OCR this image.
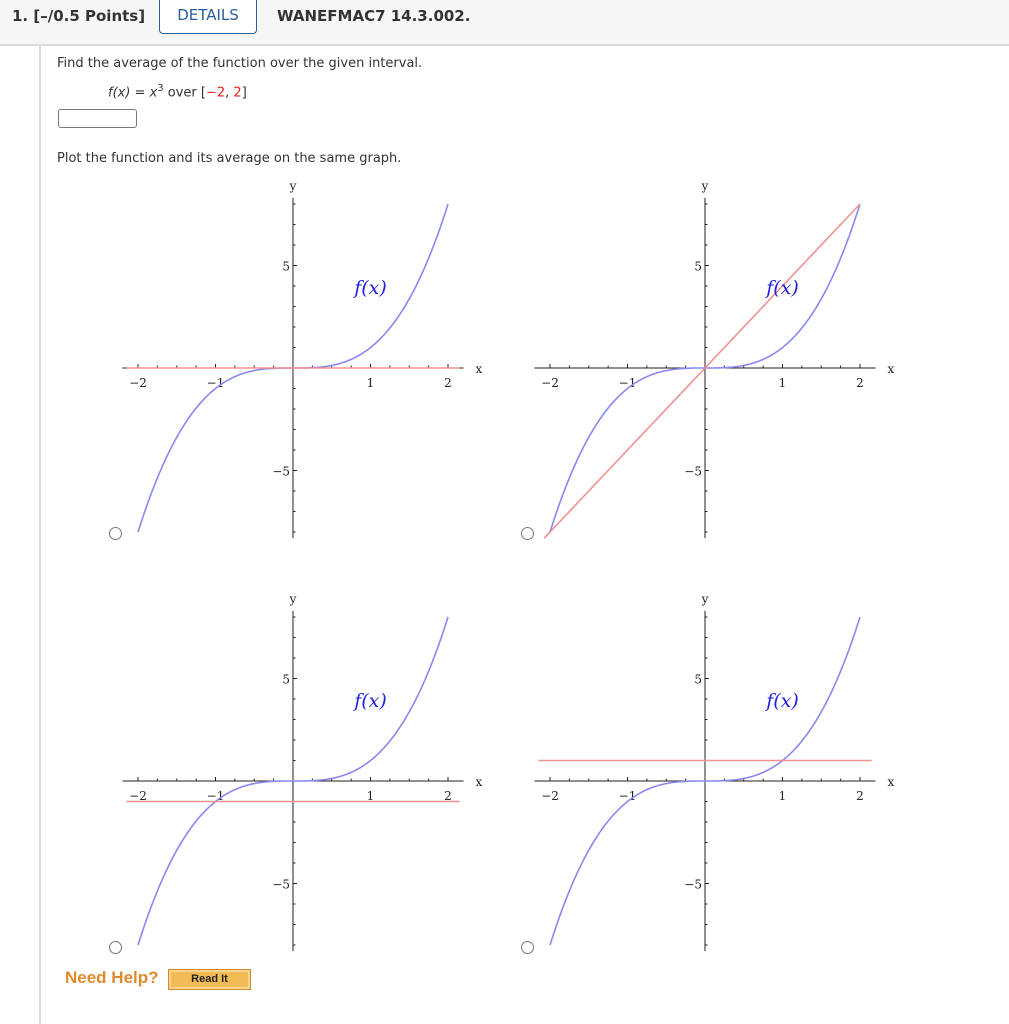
1. [–/0.5 Points]	DETAILS	WANEFMAC7 14.3.002.
Find the average of the function over the given interval.
$f(x) = x^3$ over [−2, 2]
Plot the function and its average on the same graph.
−2	−1	1	2
5
−5
x
y
f(x)
−2	−1	1	2
5
−5
x
y
f(x)
−2	−1	1	2
5
−5
x
y
f(x)
−2	−1	1	2
5
−5
x
y
f(x)
Need Help?	Read It
